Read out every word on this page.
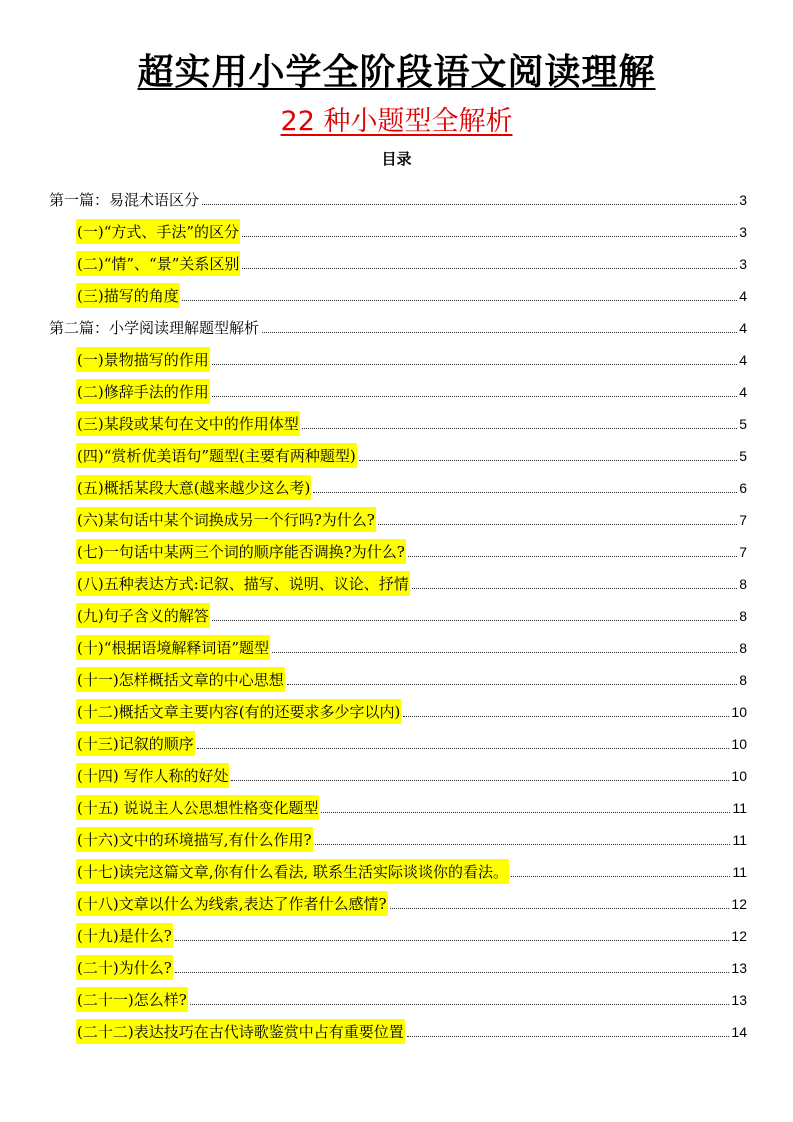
超实用小学全阶段语文阅读理解
22 种小题型全解析
目录
第一篇：易混术语区分	3
(一)“方式、手法”的区分	3
(二)“情”、“景”关系区别	3
(三)描写的角度	4
第二篇：小学阅读理解题型解析	4
(一)景物描写的作用	4
(二)修辞手法的作用	4
(三)某段或某句在文中的作用体型	5
(四)“赏析优美语句”题型(主要有两种题型)	5
(五)概括某段大意(越来越少这么考)	6
(六)某句话中某个词换成另一个行吗?为什么?	7
(七)一句话中某两三个词的顺序能否调换?为什么?	7
(八)五种表达方式:记叙、描写、说明、议论、抒情	8
(九)句子含义的解答	8
(十)“根据语境解释词语”题型	8
(十一)怎样概括文章的中心思想	8
(十二)概括文章主要内容(有的还要求多少字以内)	10
(十三)记叙的顺序	10
(十四) 写作人称的好处	10
(十五) 说说主人公思想性格变化题型	11
(十六)文中的环境描写,有什么作用?	11
(十七)读完这篇文章,你有什么看法, 联系生活实际谈谈你的看法。	11
(十八)文章以什么为线索,表达了作者什么感情?	12
(十九)是什么?	12
(二十)为什么?	13
(二十一)怎么样?	13
(二十二)表达技巧在古代诗歌鉴赏中占有重要位置	14
